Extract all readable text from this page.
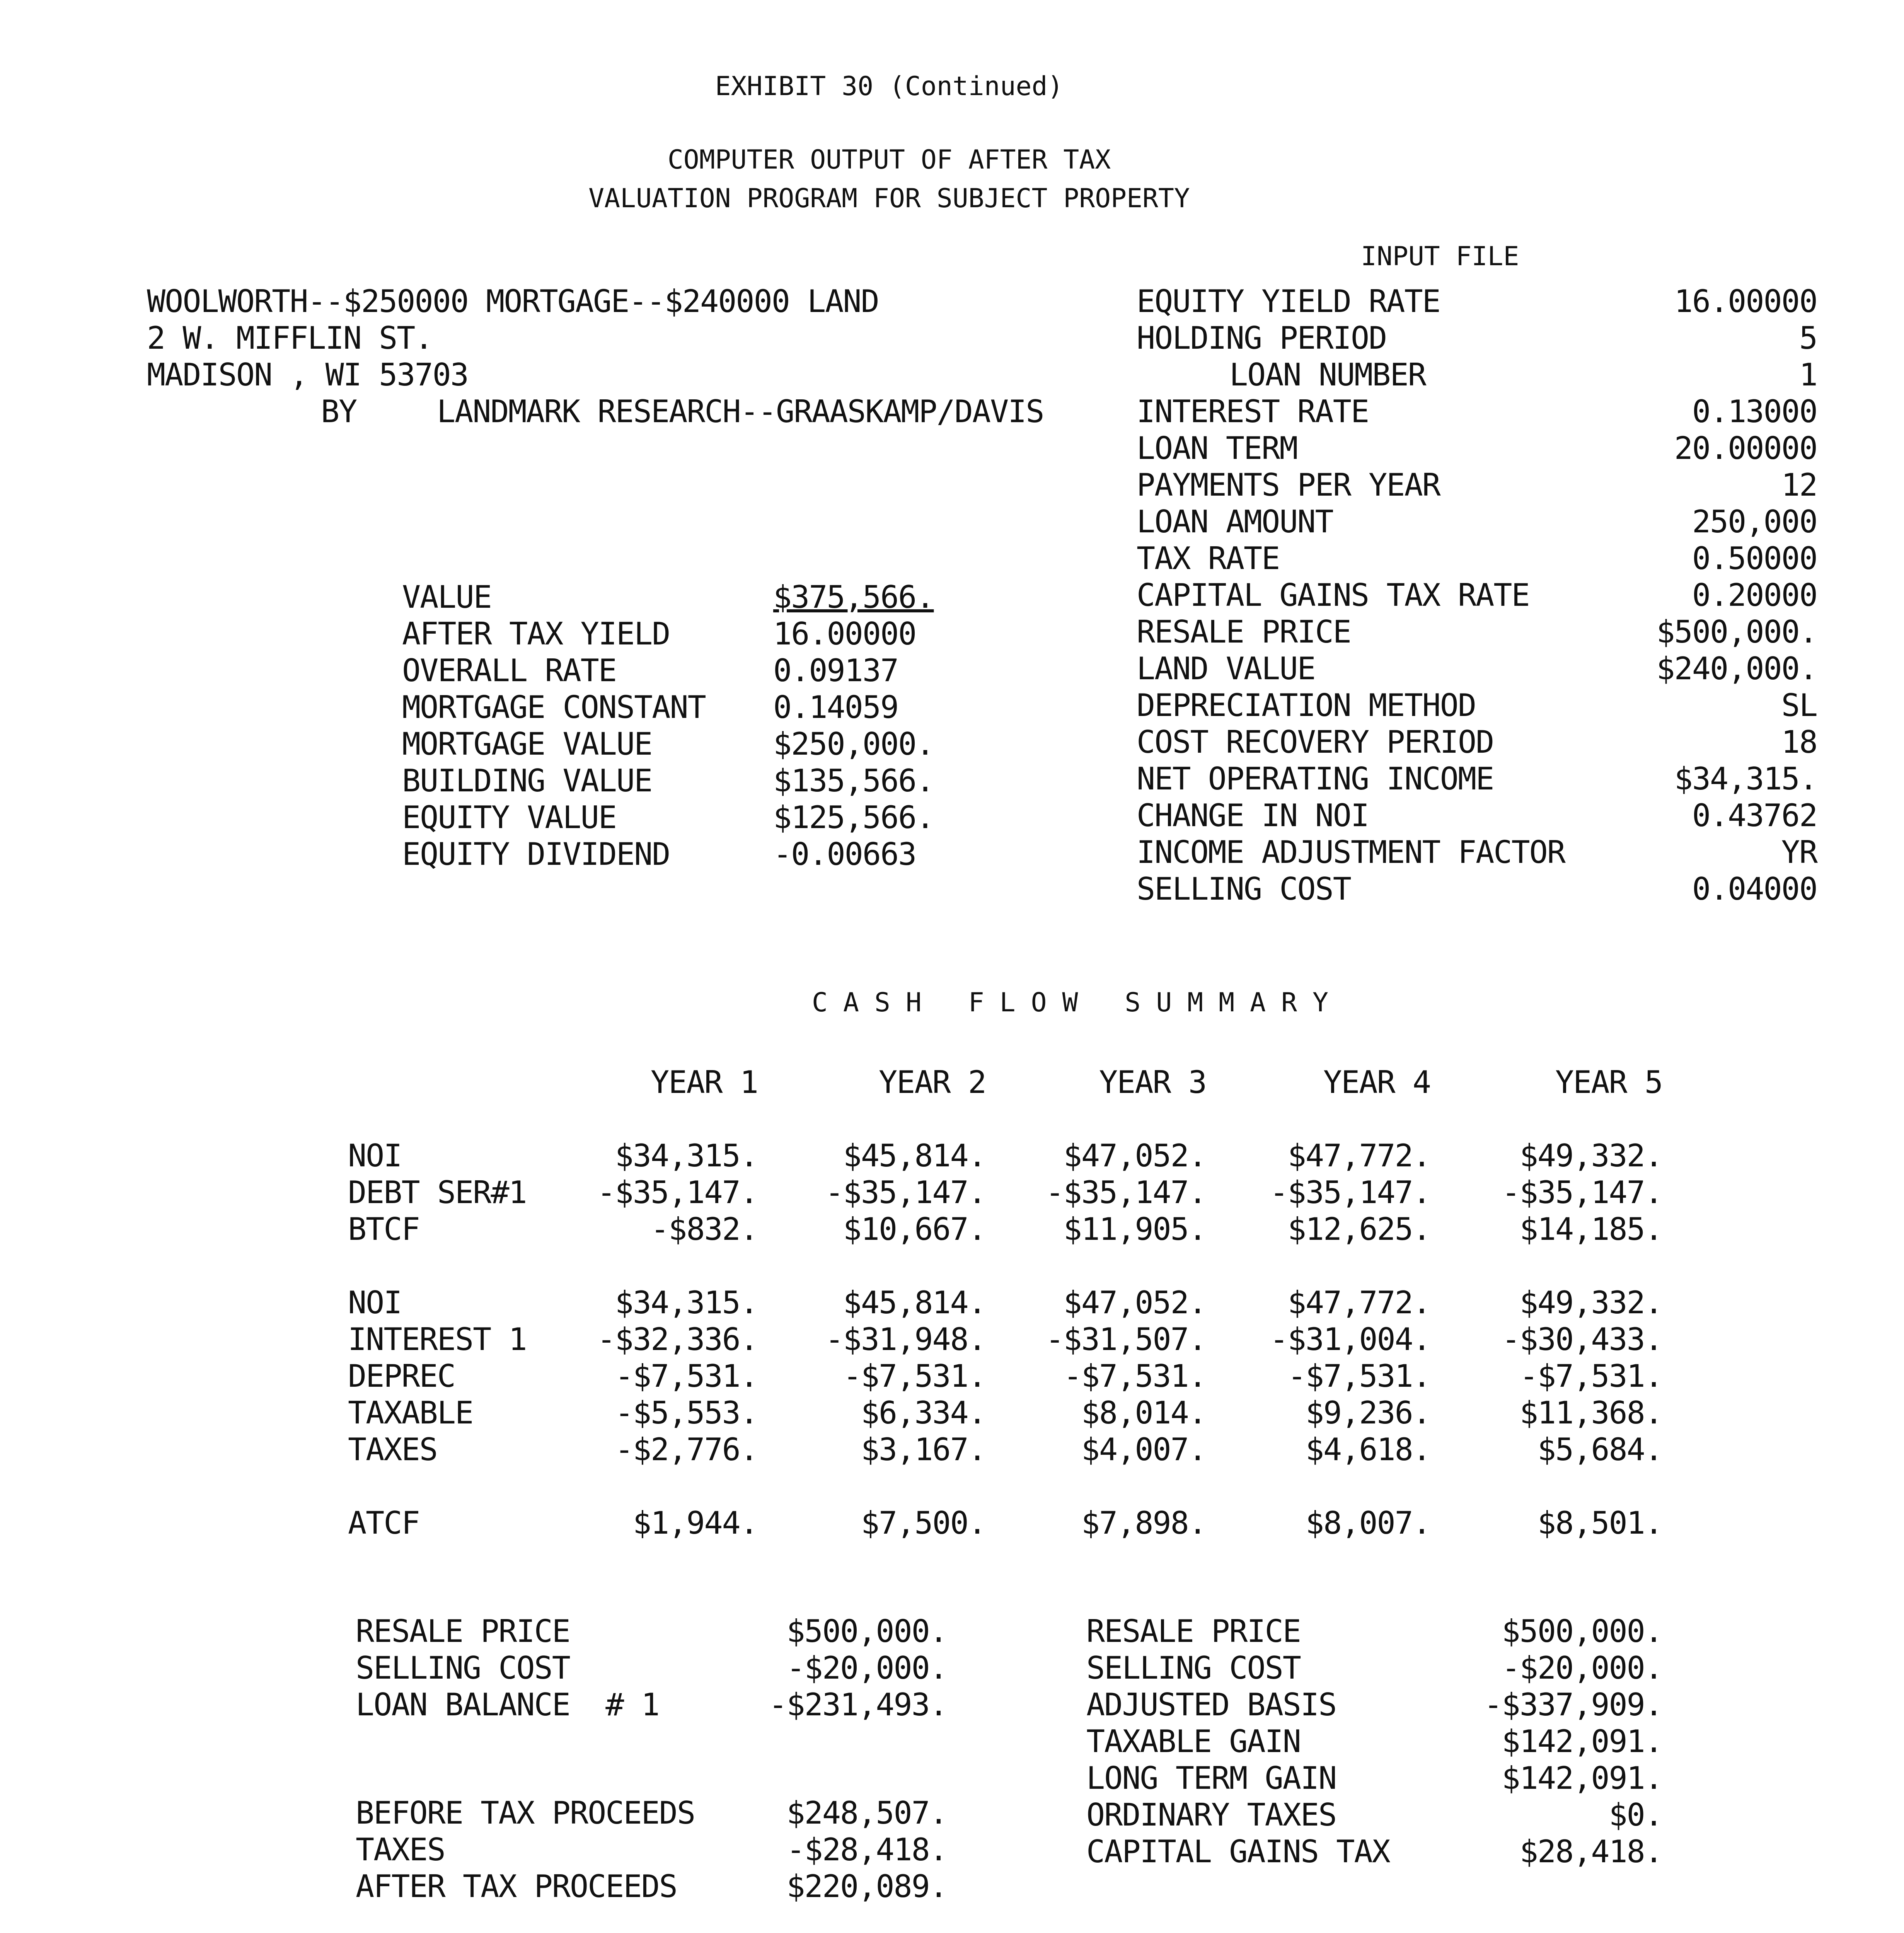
EXHIBIT 30 (Continued)
COMPUTER OUTPUT OF AFTER TAX
VALUATION PROGRAM FOR SUBJECT PROPERTY
INPUT FILE
WOOLWORTH--$250000 MORTGAGE--$240000 LAND
2 W. MIFFLIN ST.
MADISON , WI 53703
BY	LANDMARK RESEARCH--GRAASKAMP/DAVIS
EQUITY YIELD RATE	16.00000
HOLDING PERIOD	5
LOAN NUMBER	1
INTEREST RATE	0.13000
LOAN TERM	20.00000
PAYMENTS PER YEAR	12
LOAN AMOUNT	250,000
TAX RATE	0.50000
CAPITAL GAINS TAX RATE	0.20000
RESALE PRICE	$500,000.
LAND VALUE	$240,000.
DEPRECIATION METHOD	SL
COST RECOVERY PERIOD	18
NET OPERATING INCOME	$34,315.
CHANGE IN NOI	0.43762
INCOME ADJUSTMENT FACTOR	YR
SELLING COST	0.04000
VALUE	$375,566.
AFTER TAX YIELD	16.00000
OVERALL RATE	0.09137
MORTGAGE CONSTANT 0.14059
MORTGAGE VALUE	$250,000.
BUILDING VALUE	$135,566.
EQUITY VALUE	$125,566.
EQUITY DIVIDEND	-0.00663
CASH FLOW SUMMARY
YEAR 1	YEAR 2	YEAR 3	YEAR 4	YEAR 5
NOI	$34,315.	$45,814.	$47,052.	$47,772.	$49,332.
DEBT SER#1	-$35,147.	-$35,147.	-$35,147.	-$35,147.	-$35,147.
BTCF	-$832.	$10,667.	$11,905.	$12,625.	$14,185.
NOI	$34,315.	$45,814.	$47,052.	$47,772.	$49,332.
INTEREST 1	-$32,336.	-$31,948.	-$31,507.	-$31,004.	-$30,433.
DEPREC	-$7,531.	-$7,531.	-$7,531.	-$7,531.	-$7,531.
TAXABLE	-$5,553.	$6,334.	$8,014.	$9,236.	$11,368.
TAXES	-$2,776.	$3,167.	$4,007.	$4,618.	$5,684.
ATCF	$1,944.	$7,500.	$7,898.	$8,007.	$8,501.
RESALE PRICE	$500,000.
SELLING COST	-$20,000.
LOAN BALANCE  # 1	-$231,493.
BEFORE TAX PROCEEDS	$248,507.
TAXES	-$28,418.
AFTER TAX PROCEEDS	$220,089.
RESALE PRICE	$500,000.
SELLING COST	-$20,000.
ADJUSTED BASIS	-$337,909.
TAXABLE GAIN	$142,091.
LONG TERM GAIN	$142,091.
ORDINARY TAXES	$0.
CAPITAL GAINS TAX	$28,418.
